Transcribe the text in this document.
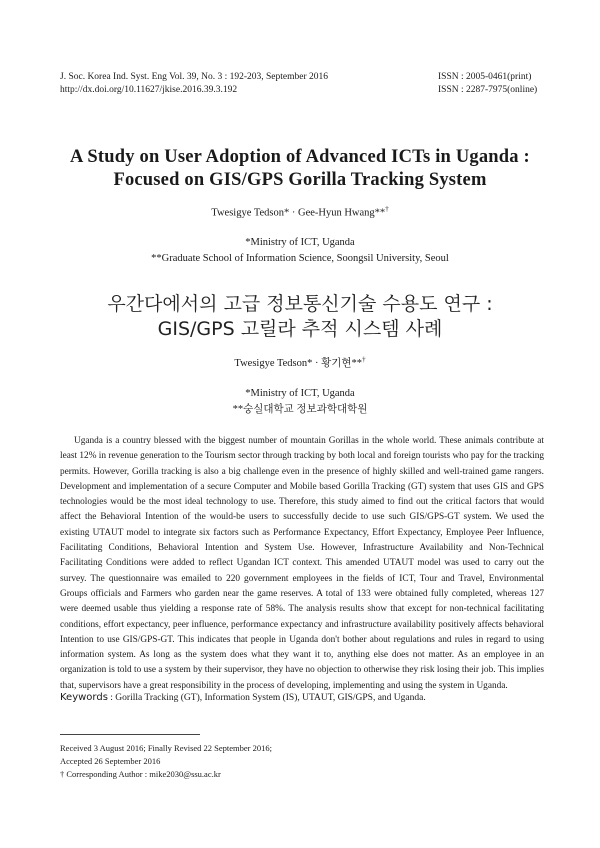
J. Soc. Korea Ind. Syst. Eng Vol. 39, No. 3 : 192-203, September 2016
http://dx.doi.org/10.11627/jkise.2016.39.3.192
ISSN : 2005-0461(print)
ISSN : 2287-7975(online)
A Study on User Adoption of Advanced ICTs in Uganda :
Focused on GIS/GPS Gorilla Tracking System
Twesigye Tedson* · Gee-Hyun Hwang**†
*Ministry of ICT, Uganda
**Graduate School of Information Science, Soongsil University, Seoul
우간다에서의 고급 정보통신기술 수용도 연구 :
GIS/GPS 고릴라 추적 시스템 사례
Twesigye Tedson* · 황기현**†
*Ministry of ICT, Uganda
**숭실대학교 정보과학대학원

Uganda is a country blessed with the biggest number of mountain Gorillas in the whole world. These animals contribute at least 12% in revenue generation to the Tourism sector through tracking by both local and foreign tourists who pay for the tracking permits. However, Gorilla tracking is also a big challenge even in the presence of highly skilled and well-trained game rangers. Development and implementation of a secure Computer and Mobile based Gorilla Tracking (GT) system that uses GIS and GPS technologies would be the most ideal technology to use. Therefore, this study aimed to find out the critical factors that would affect the Behavioral Intention of the would-be users to successfully decide to use such GIS/GPS-GT system. We used the existing UTAUT model to integrate six factors such as Performance Expectancy, Effort Expectancy, Employee Peer Influence, Facilitating Conditions, Behavioral Intention and System Use. However, Infrastructure Availability and Non-Technical Facilitating Conditions were added to reflect Ugandan ICT context. This amended UTAUT model was used to carry out the survey. The questionnaire was emailed to 220 government employees in the fields of ICT, Tour and Travel, Environmental Groups officials and Farmers who garden near the game reserves. A total of 133 were obtained fully completed, whereas 127 were deemed usable thus yielding a response rate of 58%. The analysis results show that except for non-technical facilitating conditions, effort expectancy, peer influence, performance expectancy and infrastructure availability positively affects behavioral Intention to use GIS/GPS-GT. This indicates that people in Uganda don't bother about regulations and rules in regard to using information system. As long as the system does what they want it to, anything else does not matter. As an employee in an organization is told to use a system by their supervisor, they have no objection to otherwise they risk losing their job. This implies that, supervisors have a great responsibility in the process of developing, implementing and using the system in Uganda.

Keywords : Gorilla Tracking (GT), Information System (IS), UTAUT, GIS/GPS, and Uganda.
Received 3 August 2016; Finally Revised 22 September 2016;
Accepted 26 September 2016
† Corresponding Author : mike2030@ssu.ac.kr
